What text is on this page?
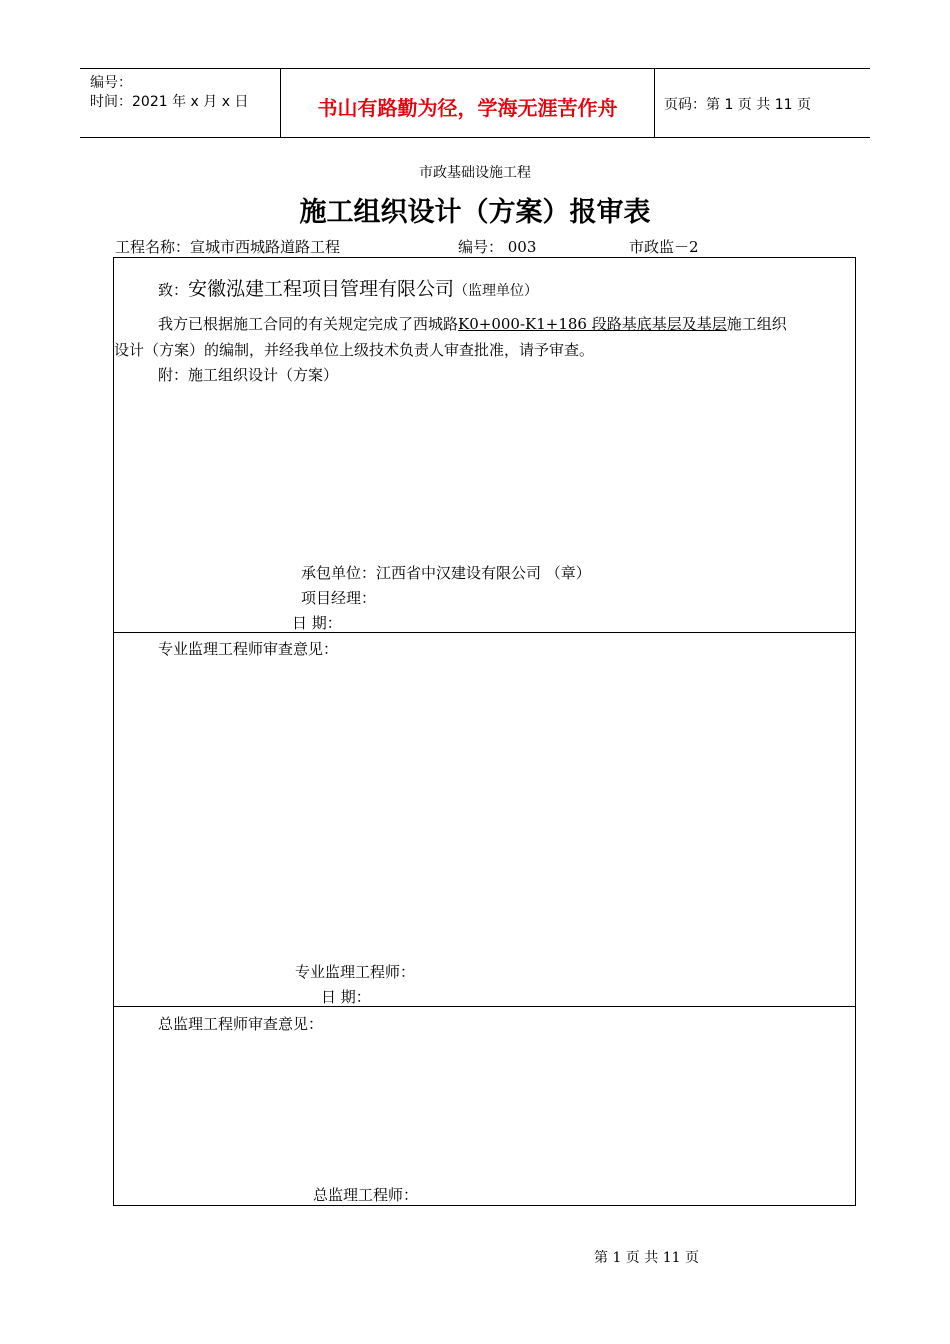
编号：
时间：2021 年 x 月 x 日	书山有路勤为径，学海无涯苦作舟	页码：第 1 页 共 11 页
市政基础设施工程
施工组织设计（方案）报审表
工程名称：宣城市西城路道路工程	编号： 003	市政监－2
致：安徽泓建工程项目管理有限公司（监理单位）
我方已根据施工合同的有关规定完成了西城路K0+000-K1+186 段路基底基层及基层施工组织
设计（方案）的编制，并经我单位上级技术负责人审查批准，请予审查。
附：施工组织设计（方案）
承包单位：江西省中汉建设有限公司 （章）
项目经理：
日 期：
专业监理工程师审查意见：
专业监理工程师：
日 期：
总监理工程师审查意见：
总监理工程师：
第 1 页 共 11 页
